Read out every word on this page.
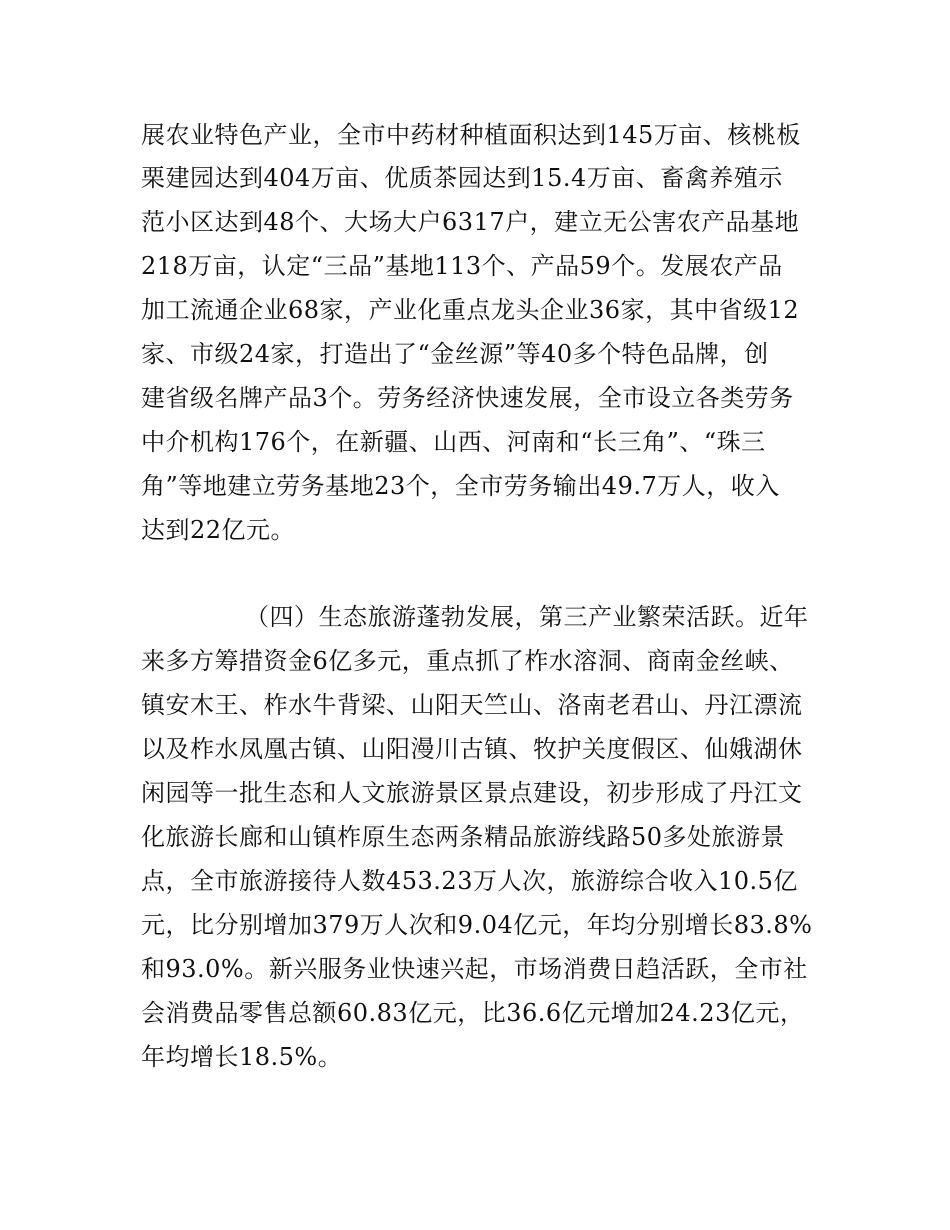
展农业特色产业，全市中药材种植面积达到145万亩、核桃板
栗建园达到404万亩、优质茶园达到15.4万亩、畜禽养殖示
范小区达到48个、大场大户6317户，建立无公害农产品基地
218万亩，认定“三品”基地113个、产品59个。发展农产品
加工流通企业68家，产业化重点龙头企业36家，其中省级12
家、市级24家，打造出了“金丝源”等40多个特色品牌，创
建省级名牌产品3个。劳务经济快速发展，全市设立各类劳务
中介机构176个，在新疆、山西、河南和“长三角”、“珠三
角”等地建立劳务基地23个，全市劳务输出49.7万人，收入
达到22亿元。
（四）生态旅游蓬勃发展，第三产业繁荣活跃。近年
来多方筹措资金6亿多元，重点抓了柞水溶洞、商南金丝峡、
镇安木王、柞水牛背梁、山阳天竺山、洛南老君山、丹江漂流
以及柞水凤凰古镇、山阳漫川古镇、牧护关度假区、仙娥湖休
闲园等一批生态和人文旅游景区景点建设，初步形成了丹江文
化旅游长廊和山镇柞原生态两条精品旅游线路50多处旅游景
点，全市旅游接待人数453.23万人次，旅游综合收入10.5亿
元，比分别增加379万人次和9.04亿元，年均分别增长83.8%
和93.0%。新兴服务业快速兴起，市场消费日趋活跃，全市社
会消费品零售总额60.83亿元，比36.6亿元增加24.23亿元，
年均增长18.5%。
